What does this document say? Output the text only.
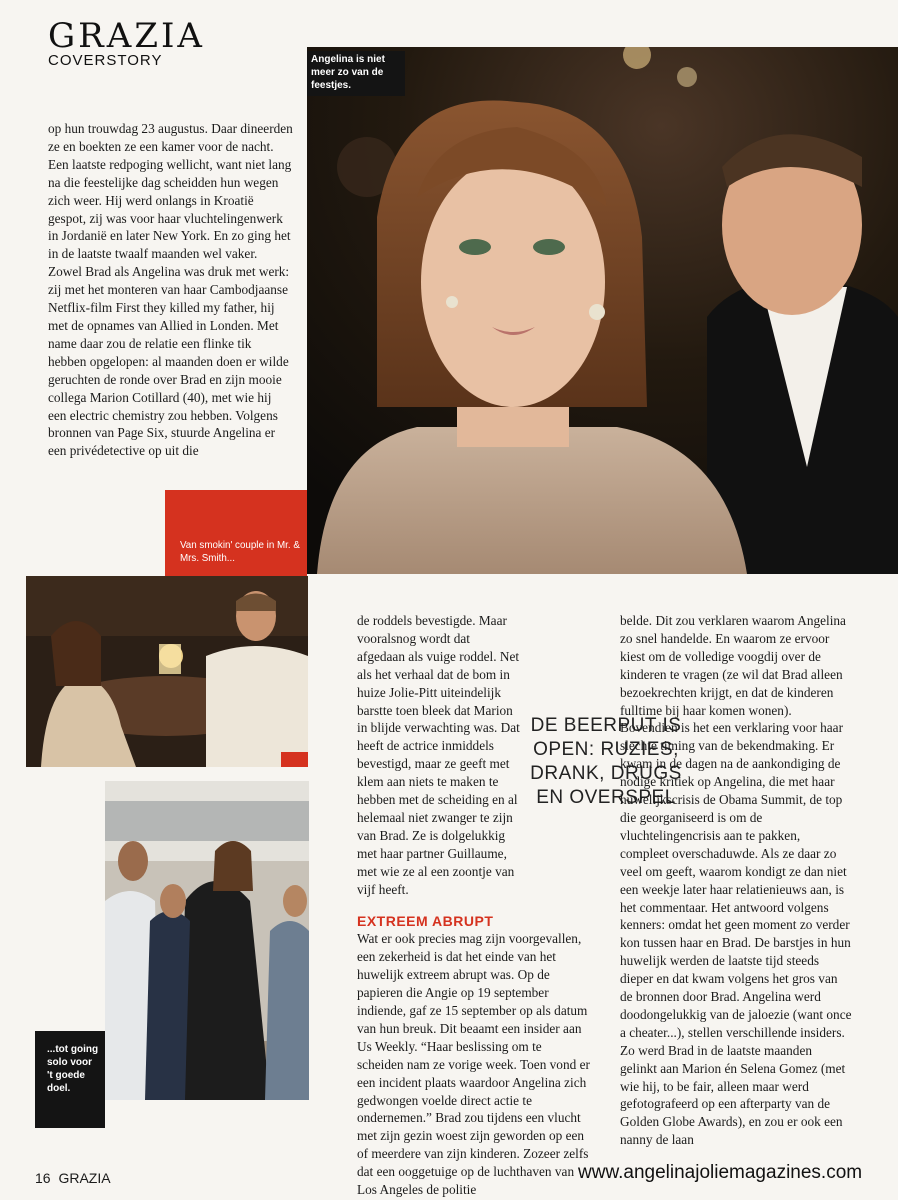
GRAZIA
COVERSTORY

op hun trouwdag 23 augustus. Daar dineerden ze en boekten ze een kamer voor de nacht. Een laatste redpoging wellicht, want niet lang na die feestelijke dag scheidden hun wegen zich weer. Hij werd onlangs in Kroatië gespot, zij was voor haar vluchtelingenwerk in Jordanië en later New York. En zo ging het in de laatste twaalf maanden wel vaker. Zowel Brad als Angelina was druk met werk: zij met het monteren van haar Cambodjaanse Netflix-film First they killed my father, hij met de opnames van Allied in Londen. Met name daar zou de relatie een flinke tik hebben opgelopen: al maanden doen er wilde geruchten de ronde over Brad en zijn mooie collega Marion Cotillard (40), met wie hij een electric chemistry zou hebben. Volgens bronnen van Page Six, stuurde Angelina er een privédetective op uit die

Angelina is niet meer zo van de feestjes.
Van smokin' couple in Mr. & Mrs. Smith...
...tot going solo voor 't goede doel.

de roddels bevestigde. Maar vooralsnog wordt dat afgedaan als vuige roddel. Net als het verhaal dat de bom in huize Jolie-Pitt uiteindelijk barstte toen bleek dat Marion in blijde verwachting was. Dat heeft de actrice inmiddels bevestigd, maar ze geeft met klem aan niets te maken te hebben met de scheiding en al helemaal niet zwanger te zijn van Brad. Ze is dolgelukkig met haar partner Guillaume, met wie ze al een zoontje van vijf heeft.

EXTREEM ABRUPT

Wat er ook precies mag zijn voorgevallen, een zekerheid is dat het einde van het huwelijk extreem abrupt was. Op de papieren die Angie op 19 september indiende, gaf ze 15 september op als datum van hun breuk. Dit beaamt een insider aan Us Weekly. “Haar beslissing om te scheiden nam ze vorige week. Toen vond er een incident plaats waardoor Angelina zich gedwongen voelde direct actie te ondernemen.” Brad zou tijdens een vlucht met zijn gezin woest zijn geworden op een of meerdere van zijn kinderen. Zozeer zelfs dat een ooggetuige op de luchthaven van Los Angeles de politie

DE BEERPUT IS OPEN: RUZIES, DRANK, DRUGS EN OVERSPEL

belde. Dit zou verklaren waarom Angelina zo snel handelde. En waarom ze ervoor kiest om de volledige voogdij over de kinderen te vragen (ze wil dat Brad alleen bezoekrechten krijgt, en dat de kinderen fulltime bij haar komen wonen). Bovendien is het een verklaring voor haar slechte timing van de bekendmaking. Er kwam in de dagen na de aankondiging de nodige kritiek op Angelina, die met haar huwelijkscrisis de Obama Summit, de top die georganiseerd is om de vluchtelingencrisis aan te pakken, compleet overschaduwde. Als ze daar zo veel om geeft, waarom kondigt ze dan niet een weekje later haar relatienieuws aan, is het commentaar. Het antwoord volgens kenners: omdat het geen moment zo verder kon tussen haar en Brad. De barstjes in hun huwelijk werden de laatste tijd steeds dieper en dat kwam volgens het gros van de bronnen door Brad. Angelina werd doodongelukkig van de jaloezie (want once a cheater...), stellen verschillende insiders. Zo werd Brad in de laatste maanden gelinkt aan Marion én Selena Gomez (met wie hij, to be fair, alleen maar werd gefotografeerd op een afterparty van de Golden Globe Awards), en zou er ook een nanny de laan

16 GRAZIA	www.angelinajoliemagazines.com
